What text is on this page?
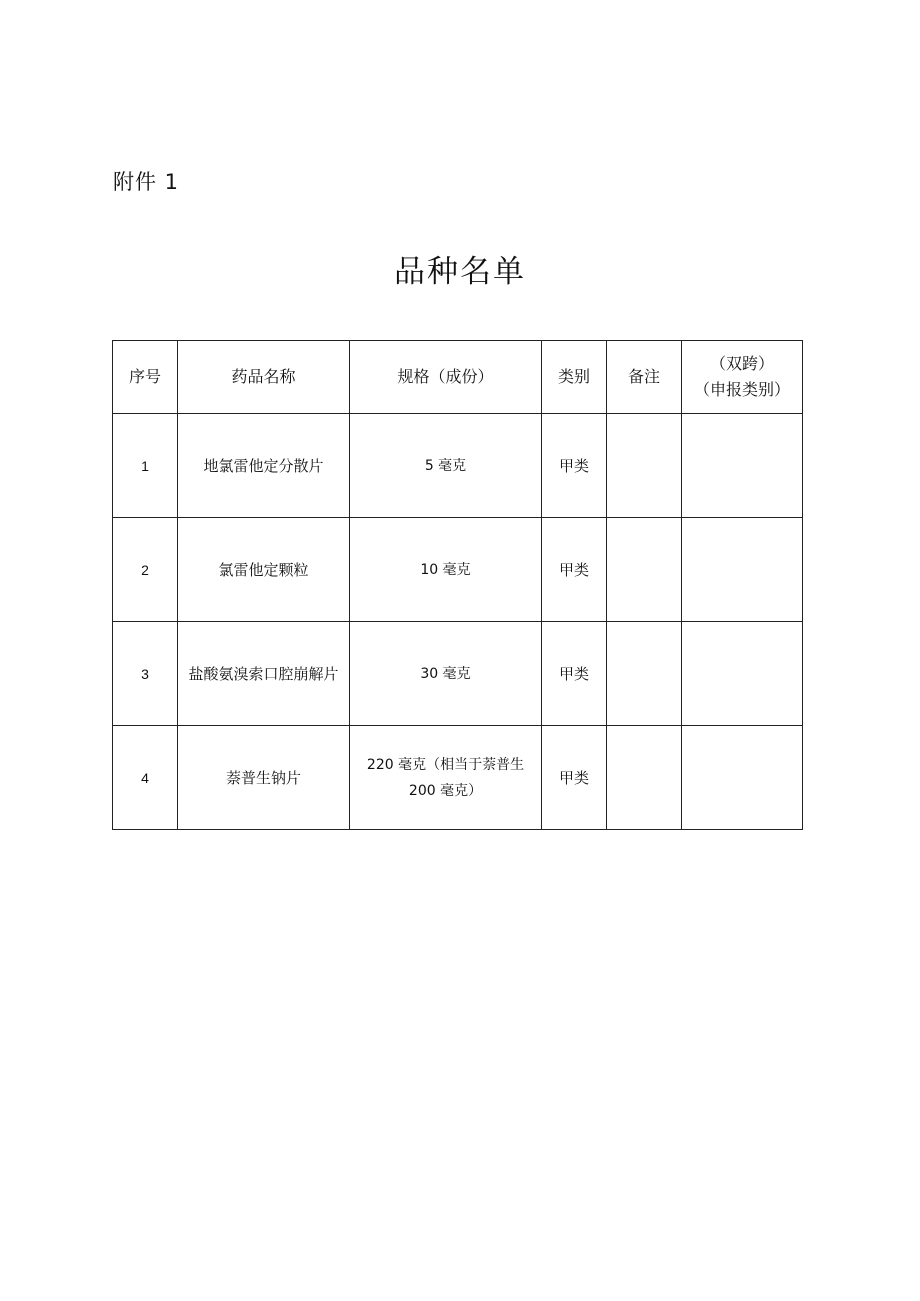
附件 1
品种名单
序号	药品名称	规格（成份）	类别	备注	（双跨）
（申报类别）

1	地氯雷他定分散片	5 毫克	甲类		
2	氯雷他定颗粒	10 毫克	甲类		
3	盐酸氨溴索口腔崩解片	30 毫克	甲类		
4	萘普生钠片	220 毫克（相当于萘普生
200 毫克）	甲类		
